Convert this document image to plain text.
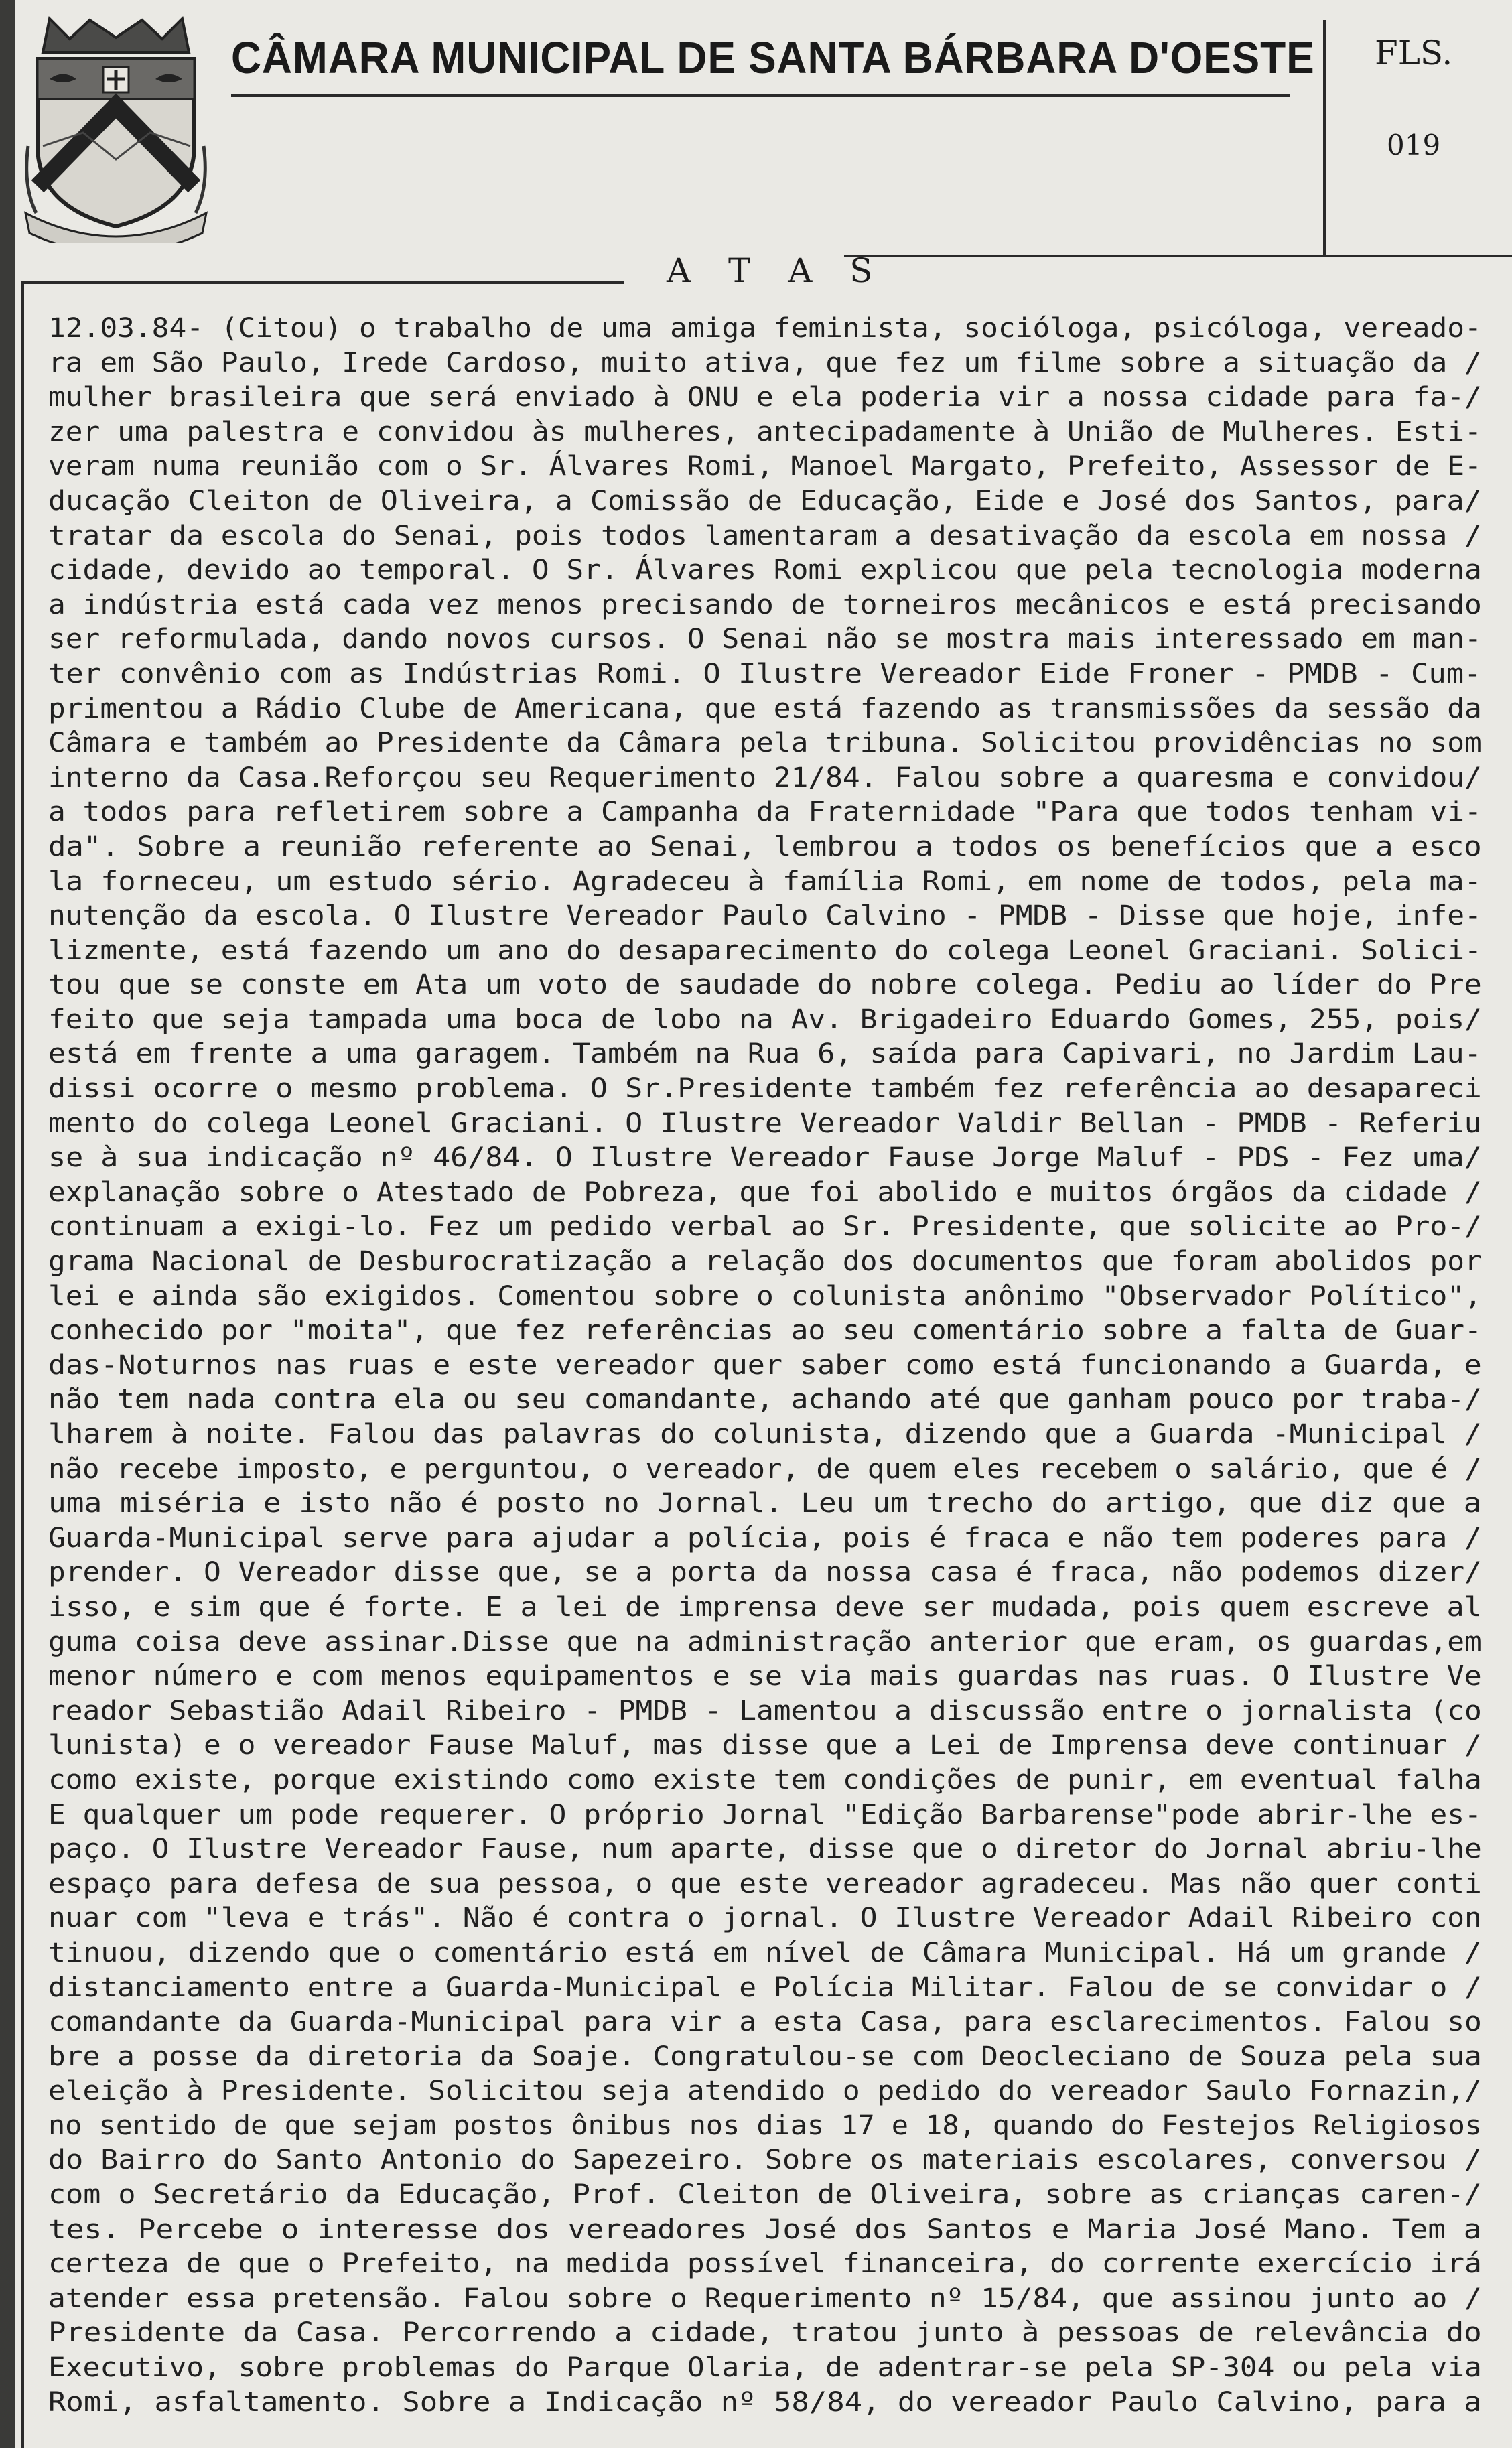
CÂMARA MUNICIPAL DE SANTA BÁRBARA D'OESTE FLS.
019
A T A S
12.03.84- (Citou) o trabalho de uma amiga feminista, socióloga, psicóloga, vereado-
ra em São Paulo, Irede Cardoso, muito ativa, que fez um filme sobre a situação da /
mulher brasileira que será enviado à ONU e ela poderia vir a nossa cidade para fa-/
zer uma palestra e convidou às mulheres, antecipadamente à União de Mulheres. Esti-
veram numa reunião com o Sr. Álvares Romi, Manoel Margato, Prefeito, Assessor de E-
ducação Cleiton de Oliveira, a Comissão de Educação, Eide e José dos Santos, para/
tratar da escola do Senai, pois todos lamentaram a desativação da escola em nossa /
cidade, devido ao temporal. O Sr. Álvares Romi explicou que pela tecnologia moderna
a indústria está cada vez menos precisando de torneiros mecânicos e está precisando
ser reformulada, dando novos cursos. O Senai não se mostra mais interessado em man-
ter convênio com as Indústrias Romi. O Ilustre Vereador Eide Froner - PMDB - Cum-
primentou a Rádio Clube de Americana, que está fazendo as transmissões da sessão da
Câmara e também ao Presidente da Câmara pela tribuna. Solicitou providências no som
interno da Casa.Reforçou seu Requerimento 21/84. Falou sobre a quaresma e convidou/
a todos para refletirem sobre a Campanha da Fraternidade "Para que todos tenham vi-
da". Sobre a reunião referente ao Senai, lembrou a todos os benefícios que a esco
la forneceu, um estudo sério. Agradeceu à família Romi, em nome de todos, pela ma-
nutenção da escola. O Ilustre Vereador Paulo Calvino - PMDB - Disse que hoje, infe-
lizmente, está fazendo um ano do desaparecimento do colega Leonel Graciani. Solici-
tou que se conste em Ata um voto de saudade do nobre colega. Pediu ao líder do Pre
feito que seja tampada uma boca de lobo na Av. Brigadeiro Eduardo Gomes, 255, pois/
está em frente a uma garagem. Também na Rua 6, saída para Capivari, no Jardim Lau-
dissi ocorre o mesmo problema. O Sr.Presidente também fez referência ao desapareci
mento do colega Leonel Graciani. O Ilustre Vereador Valdir Bellan - PMDB - Referiu
se à sua indicação nº 46/84. O Ilustre Vereador Fause Jorge Maluf - PDS - Fez uma/
explanação sobre o Atestado de Pobreza, que foi abolido e muitos órgãos da cidade /
continuam a exigi-lo. Fez um pedido verbal ao Sr. Presidente, que solicite ao Pro-/
grama Nacional de Desburocratização a relação dos documentos que foram abolidos por
lei e ainda são exigidos. Comentou sobre o colunista anônimo "Observador Político",
conhecido por "moita", que fez referências ao seu comentário sobre a falta de Guar-
das-Noturnos nas ruas e este vereador quer saber como está funcionando a Guarda, e
não tem nada contra ela ou seu comandante, achando até que ganham pouco por traba-/
lharem à noite. Falou das palavras do colunista, dizendo que a Guarda -Municipal /
não recebe imposto, e perguntou, o vereador, de quem eles recebem o salário, que é /
uma miséria e isto não é posto no Jornal. Leu um trecho do artigo, que diz que a
Guarda-Municipal serve para ajudar a polícia, pois é fraca e não tem poderes para /
prender. O Vereador disse que, se a porta da nossa casa é fraca, não podemos dizer/
isso, e sim que é forte. E a lei de imprensa deve ser mudada, pois quem escreve al
guma coisa deve assinar.Disse que na administração anterior que eram, os guardas,em
menor número e com menos equipamentos e se via mais guardas nas ruas. O Ilustre Ve
reador Sebastião Adail Ribeiro - PMDB - Lamentou a discussão entre o jornalista (co
lunista) e o vereador Fause Maluf, mas disse que a Lei de Imprensa deve continuar /
como existe, porque existindo como existe tem condições de punir, em eventual falha
E qualquer um pode requerer. O próprio Jornal "Edição Barbarense"pode abrir-lhe es-
paço. O Ilustre Vereador Fause, num aparte, disse que o diretor do Jornal abriu-lhe
espaço para defesa de sua pessoa, o que este vereador agradeceu. Mas não quer conti
nuar com "leva e trás". Não é contra o jornal. O Ilustre Vereador Adail Ribeiro con
tinuou, dizendo que o comentário está em nível de Câmara Municipal. Há um grande /
distanciamento entre a Guarda-Municipal e Polícia Militar. Falou de se convidar o /
comandante da Guarda-Municipal para vir a esta Casa, para esclarecimentos. Falou so
bre a posse da diretoria da Soaje. Congratulou-se com Deocleciano de Souza pela sua
eleição à Presidente. Solicitou seja atendido o pedido do vereador Saulo Fornazin,/
no sentido de que sejam postos ônibus nos dias 17 e 18, quando do Festejos Religiosos
do Bairro do Santo Antonio do Sapezeiro. Sobre os materiais escolares, conversou /
com o Secretário da Educação, Prof. Cleiton de Oliveira, sobre as crianças caren-/
tes. Percebe o interesse dos vereadores José dos Santos e Maria José Mano. Tem a
certeza de que o Prefeito, na medida possível financeira, do corrente exercício irá
atender essa pretensão. Falou sobre o Requerimento nº 15/84, que assinou junto ao /
Presidente da Casa. Percorrendo a cidade, tratou junto à pessoas de relevância do
Executivo, sobre problemas do Parque Olaria, de adentrar-se pela SP-304 ou pela via
Romi, asfaltamento. Sobre a Indicação nº 58/84, do vereador Paulo Calvino, para a
